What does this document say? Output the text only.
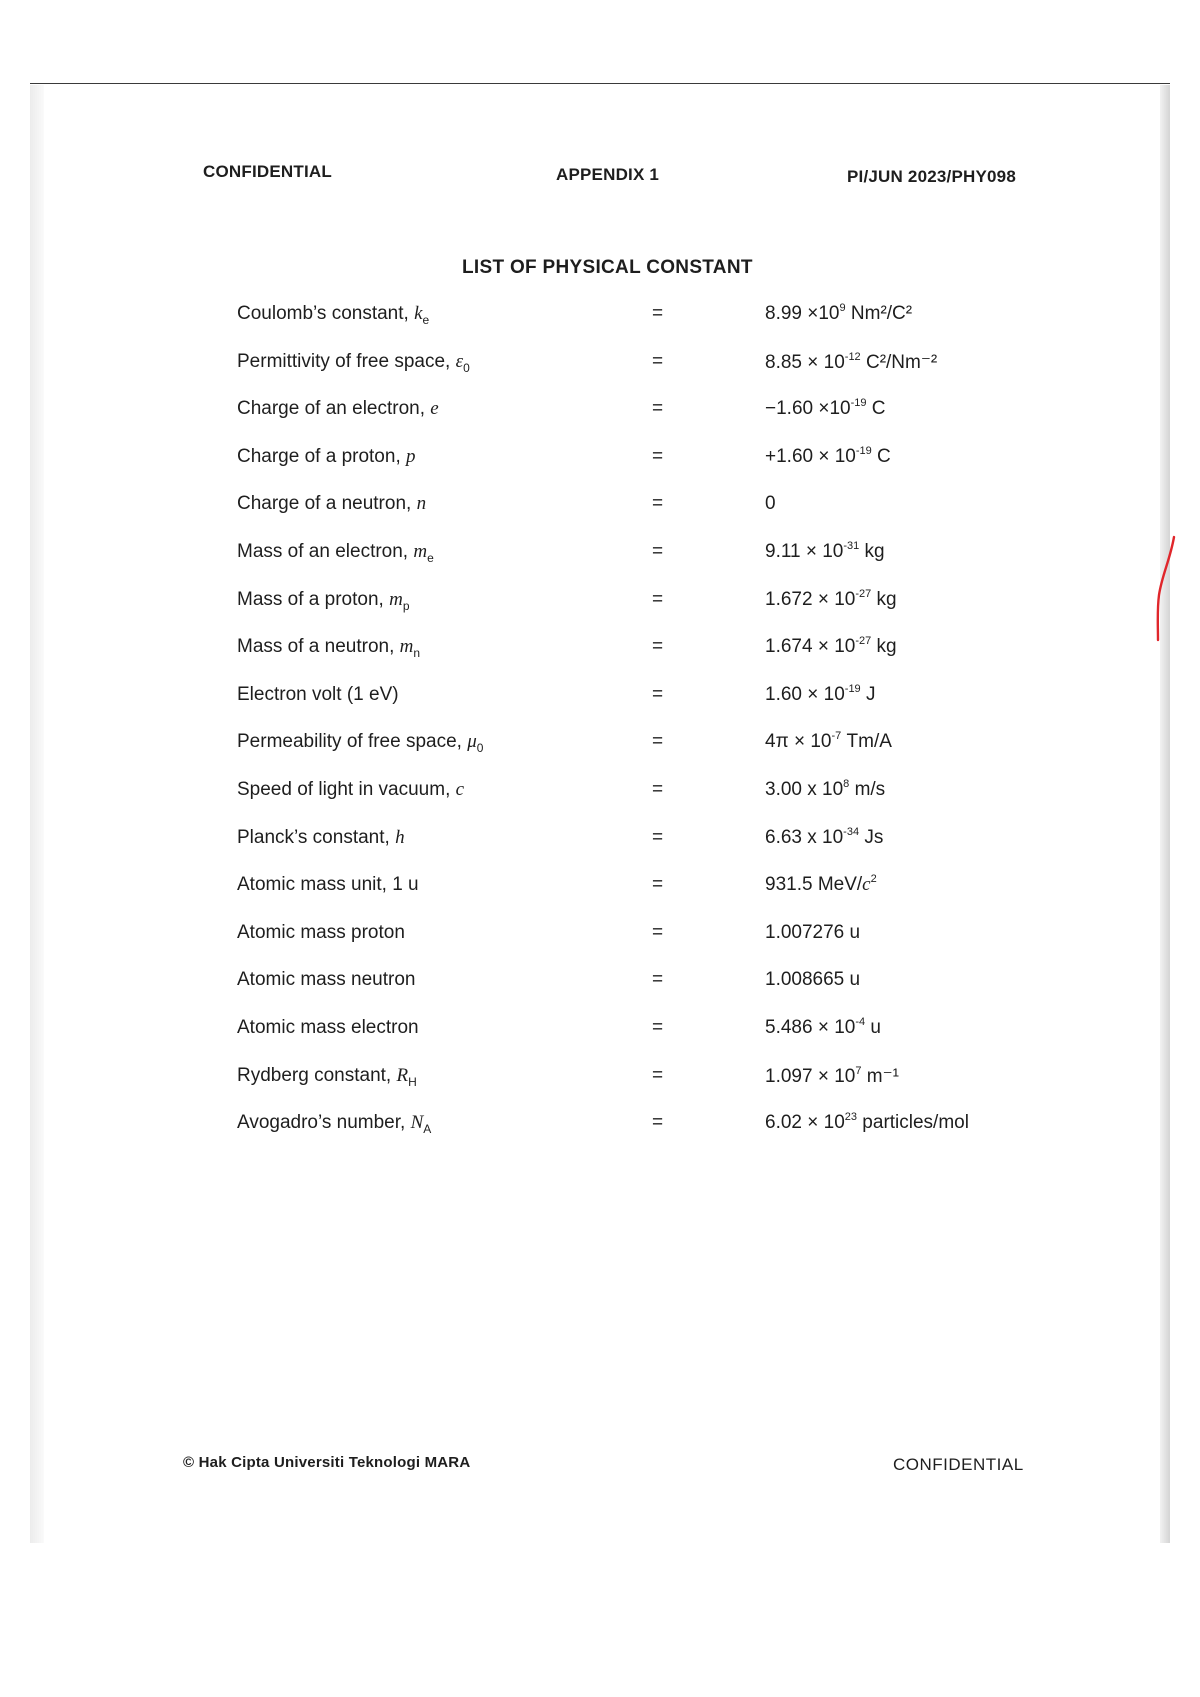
CONFIDENTIAL	APPENDIX 1	PI/JUN 2023/PHY098
LIST OF PHYSICAL CONSTANT
Coulomb’s constant, $k_e$	=	$8.99 \times 10^9$ Nm²/C²
Permittivity of free space, $\varepsilon_0$	=	$8.85 \times 10^{-12}$ C²/Nm⁻²
Charge of an electron, e	=	$-1.60 \times 10^{-19}$ C
Charge of a proton, p	=	$+1.60 \times 10^{-19}$ C
Charge of a neutron, n	=	0
Mass of an electron, $m_e$	=	$9.11 \times 10^{-31}$ kg
Mass of a proton, $m_p$	=	$1.672 \times 10^{-27}$ kg
Mass of a neutron, $m_n$	=	$1.674 \times 10^{-27}$ kg
Electron volt (1 eV)	=	$1.60 \times 10^{-19}$ J
Permeability of free space, $\mu_0$	=	$4\pi \times 10^{-7}$ Tm/A
Speed of light in vacuum, c	=	3.00 x $10^8$ m/s
Planck’s constant, h	=	6.63 x $10^{-34}$ Js
Atomic mass unit, 1 u	=	931.5 MeV/$c^2$
Atomic mass proton	=	1.007276 u
Atomic mass neutron	=	1.008665 u
Atomic mass electron	=	$5.486 \times 10^{-4}$ u
Rydberg constant, $R_H$	=	$1.097 \times 10^7$ m⁻¹
Avogadro’s number, $N_A$	=	$6.02 \times 10^{23}$ particles/mol
© Hak Cipta Universiti Teknologi MARA	CONFIDENTIAL
